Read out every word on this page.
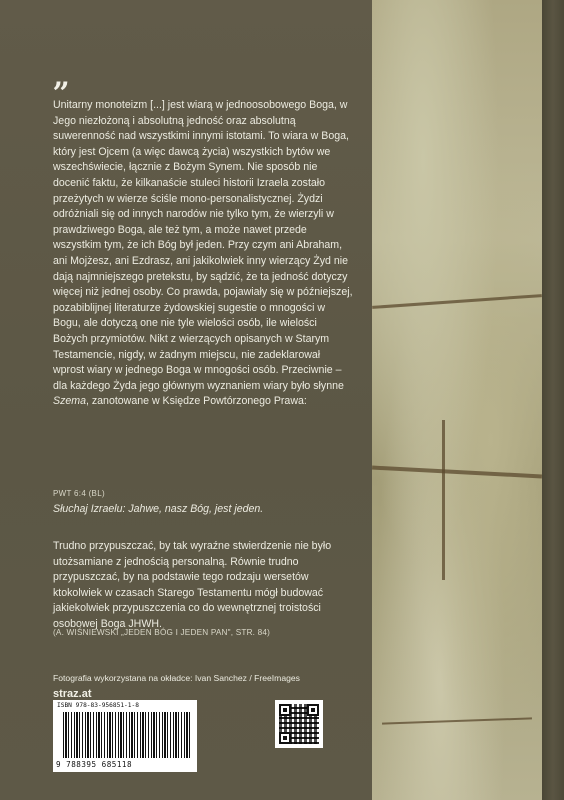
„
Unitarny monoteizm [...] jest wiarą w jednoosobowego Boga, w Jego niezłożoną i absolutną jedność oraz absolutną suwerenność nad wszystkimi innymi istotami. To wiara w Boga, który jest Ojcem (a więc dawcą życia) wszystkich bytów we wszechświecie, łącznie z Bożym Synem. Nie sposób nie docenić faktu, że kilkanaście stuleci historii Izraela zostało przeżytych w wierze ściśle mono-personalistycznej. Żydzi odróżniali się od innych narodów nie tylko tym, że wierzyli w prawdziwego Boga, ale też tym, a może nawet przede wszystkim tym, że ich Bóg był jeden. Przy czym ani Abraham, ani Mojżesz, ani Ezdrasz, ani jakikolwiek inny wierzący Żyd nie dają najmniejszego pretekstu, by sądzić, że ta jedność dotyczy więcej niż jednej osoby. Co prawda, pojawiały się w późniejszej, pozabiblijnej literaturze żydowskiej sugestie o mnogości w Bogu, ale dotyczą one nie tyle wielości osób, ile wielości Bożych przymiotów. Nikt z wierzących opisanych w Starym Testamencie, nigdy, w żadnym miejscu, nie zadeklarował wprost wiary w jednego Boga w mnogości osób. Przeciwnie – dla każdego Żyda jego głównym wyznaniem wiary było słynne Szema, zanotowane w Księdze Powtórzonego Prawa:
PWT 6:4 (BL)
Słuchaj Izraelu: Jahwe, nasz Bóg, jest jeden.
Trudno przypuszczać, by tak wyraźne stwierdzenie nie było utożsamiane z jednością personalną. Równie trudno przypuszczać, by na podstawie tego rodzaju wersetów ktokolwiek w czasach Starego Testamentu mógł budować jakiekolwiek przypuszczenia co do wewnętrznej troistości osobowej Boga JHWH.
(A. WIŚNIEWSKI „JEDEN BÓG I JEDEN PAN", STR. 84)
Fotografia wykorzystana na okładce: Ivan Sanchez / FreeImages
straz.at
ISBN 978-83-956851-1-8
9 788395 685118
